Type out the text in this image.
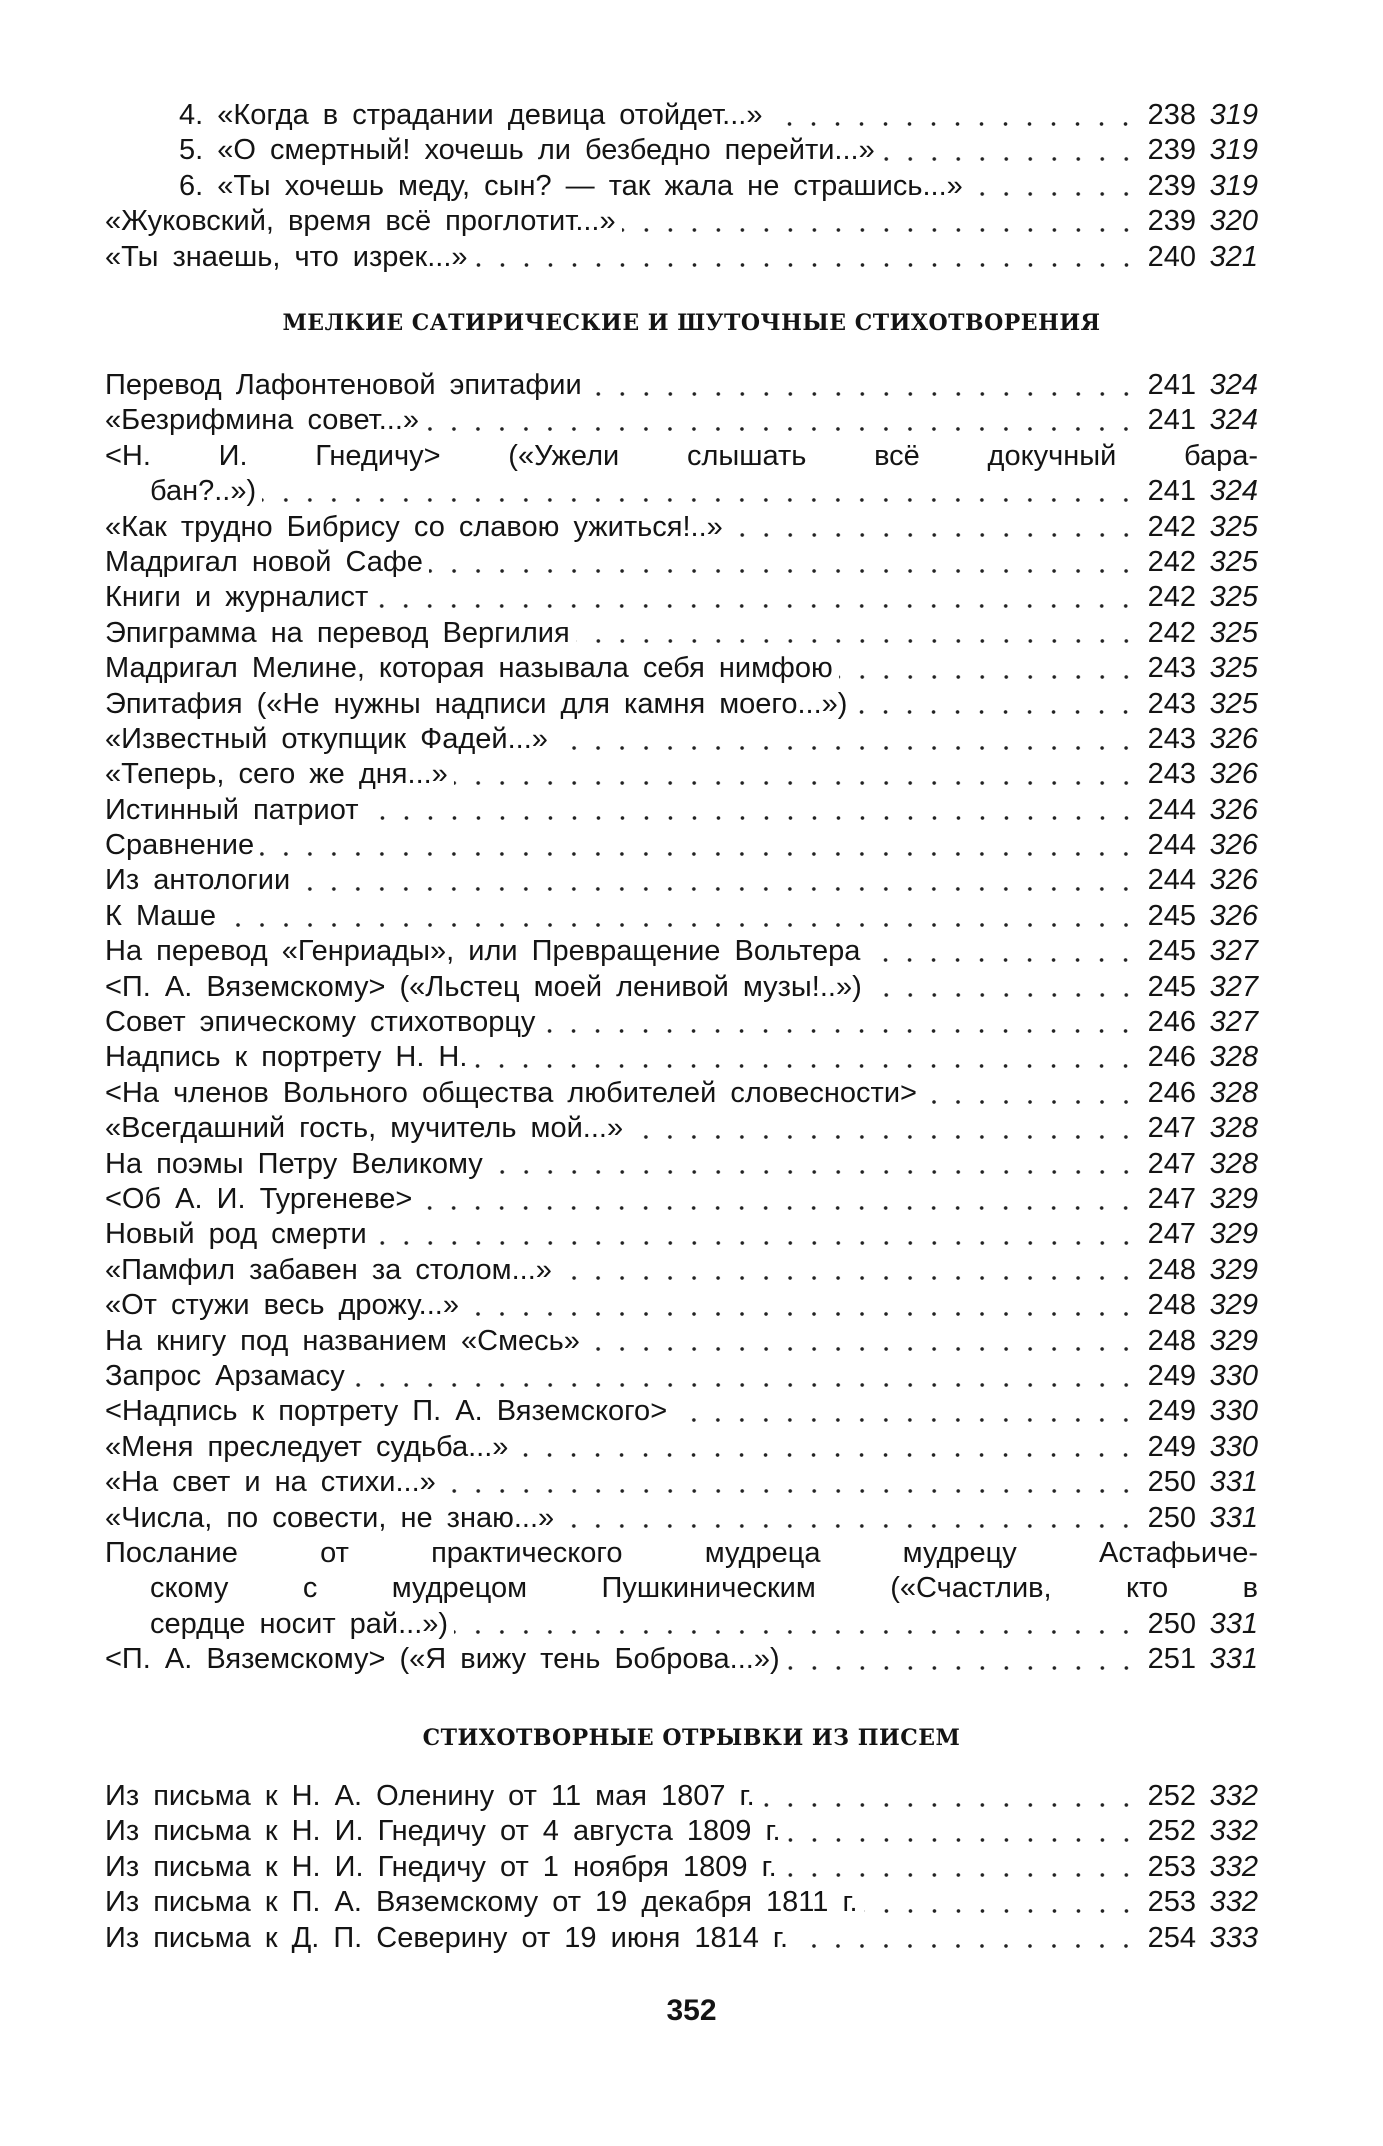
4. «Когда в страдании девица отойдет...»	238 319
5. «О смертный! хочешь ли безбедно перейти...»	239 319
6. «Ты хочешь меду, сын? — так жала не страшись...»	239 319
«Жуковский, время всё проглотит...»	239 320
«Ты знаешь, что изрек...»	240 321
МЕЛКИЕ САТИРИЧЕСКИЕ И ШУТОЧНЫЕ СТИХОТВОРЕНИЯ
Перевод Лафонтеновой эпитафии	241 324
«Безрифмина совет...»	241 324
<Н. И. Гнедичу> («Ужели слышать всё докучный бара-
бан?..»)	241 324
«Как трудно Бибрису со славою ужиться!..»	242 325
Мадригал новой Сафе	242 325
Книги и журналист	242 325
Эпиграмма на перевод Вергилия	242 325
Мадригал Мелине, которая называла себя нимфою	243 325
Эпитафия («Не нужны надписи для камня моего...»)	243 325
«Известный откупщик Фадей...»	243 326
«Теперь, сего же дня...»	243 326
Истинный патриот	244 326
Сравнение	244 326
Из антологии	244 326
К Маше	245 326
На перевод «Генриады», или Превращение Вольтера	245 327
<П. А. Вяземскому> («Льстец моей ленивой музы!..»)	245 327
Совет эпическому стихотворцу	246 327
Надпись к портрету Н. Н.	246 328
<На членов Вольного общества любителей словесности>	246 328
«Всегдашний гость, мучитель мой...»	247 328
На поэмы Петру Великому	247 328
<Об А. И. Тургеневе>	247 329
Новый род смерти	247 329
«Памфил забавен за столом...»	248 329
«От стужи весь дрожу...»	248 329
На книгу под названием «Смесь»	248 329
Запрос Арзамасу	249 330
<Надпись к портрету П. А. Вяземского>	249 330
«Меня преследует судьба...»	249 330
«На свет и на стихи...»	250 331
«Числа, по совести, не знаю...»	250 331
Послание от практического мудреца мудрецу Астафьиче-
скому с мудрецом Пушкиническим («Счастлив, кто в
сердце носит рай...»)	250 331
<П. А. Вяземскому> («Я вижу тень Боброва...»)	251 331
СТИХОТВОРНЫЕ ОТРЫВКИ ИЗ ПИСЕМ
Из письма к Н. А. Оленину от 11 мая 1807 г.	252 332
Из письма к Н. И. Гнедичу от 4 августа 1809 г.	252 332
Из письма к Н. И. Гнедичу от 1 ноября 1809 г.	253 332
Из письма к П. А. Вяземскому от 19 декабря 1811 г.	253 332
Из письма к Д. П. Северину от 19 июня 1814 г.	254 333
352
